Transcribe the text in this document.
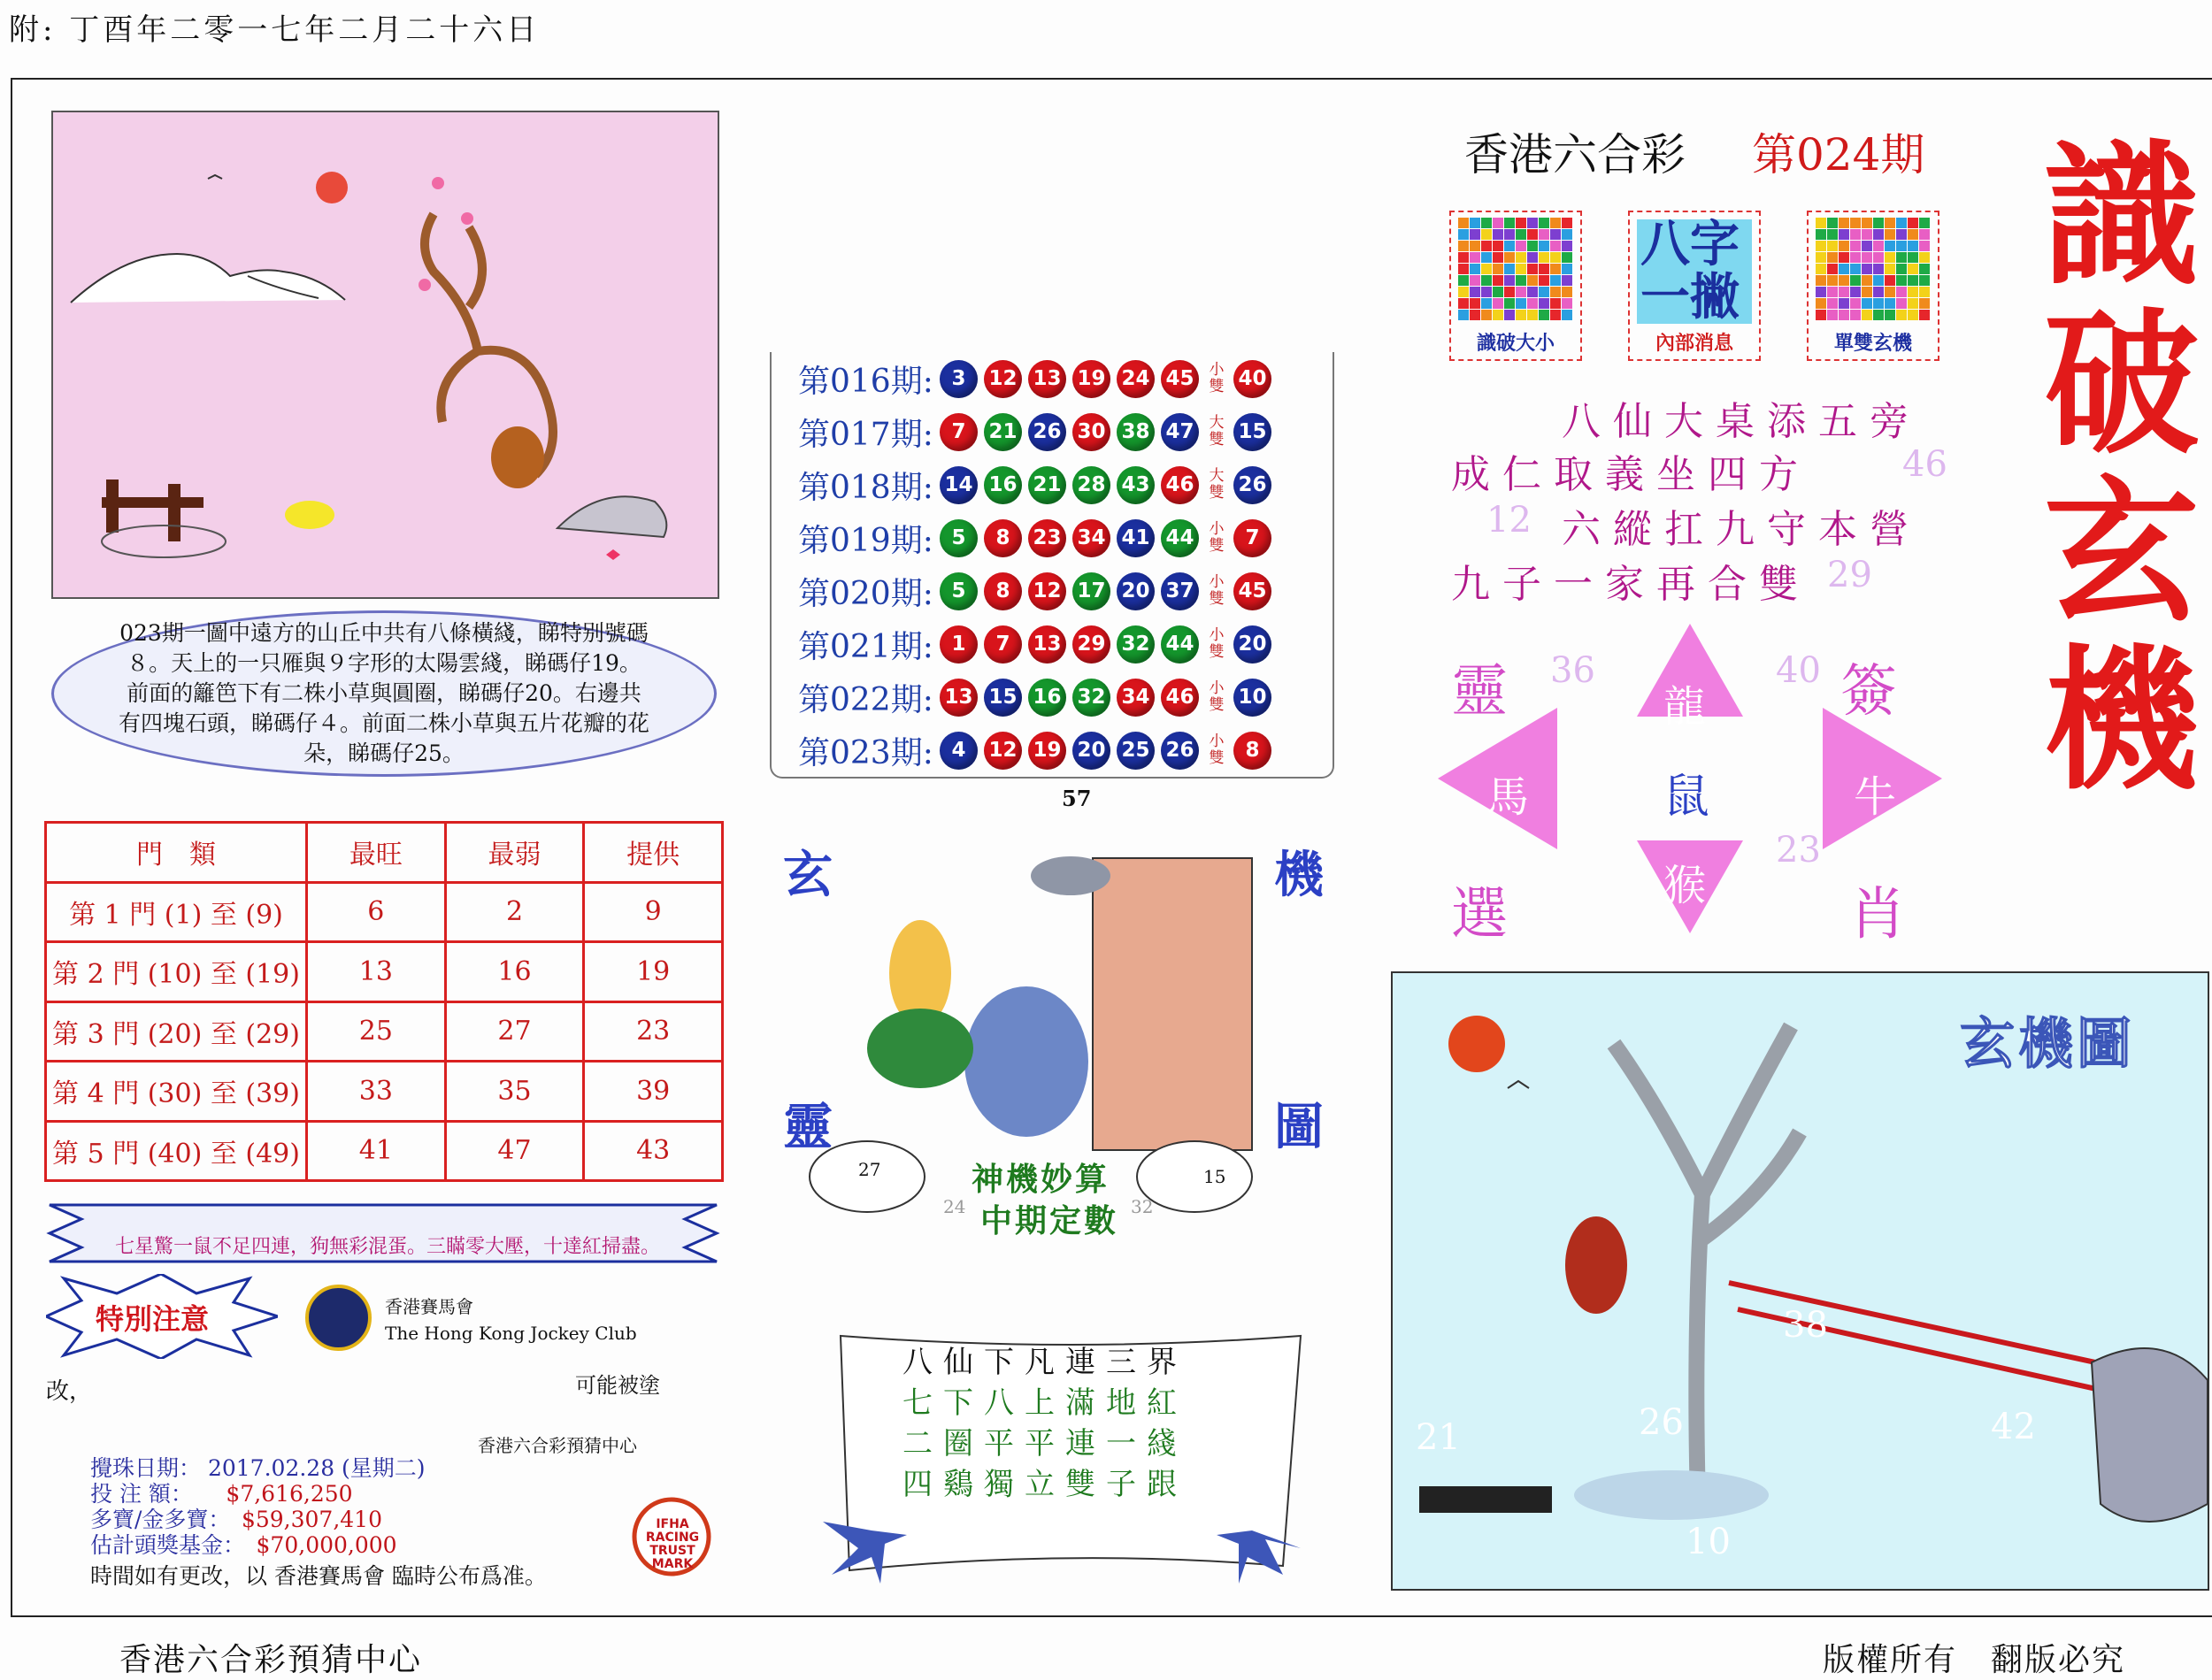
附: 丁酉年二零一七年二月二十六日
023期一圖中遠方的山丘中共有八條橫綫，睇特别號碼８。天上的一只雁與９字形的太陽雲綫，睇碼仔19。前面的籬笆下有二株小草與圓圈，睇碼仔20。右邊共有四塊石頭，睇碼仔４。前面二株小草與五片花瓣的花朵，睇碼仔25。
門　類	最旺	最弱	提供
第 1 門 (1) 至 (9)	6	2	9
第 2 門 (10) 至 (19)	13	16	19
第 3 門 (20) 至 (29)	25	27	23
第 4 門 (30) 至 (39)	33	35	39
第 5 門 (40) 至 (49)	41	47	43
七星驚一鼠不足四連，狗無彩混蛋。三瞞零大壓，十達紅掃盡。
特別注意	香港賽馬會
The Hong Kong Jockey Club
改，	可能被塗
香港六合彩預猜中心
攪珠日期： 2017.02.28 (星期二)
投 注 額：　　 $7,616,250
多寶/金多寶：　 $59,307,410
估計頭獎基金：　 $70,000,000
時間如有更改，以 香港賽馬會 臨時公布爲准。
IFHA RACING TRUST MARK
第016期: 3	12 13 19 24 45	小雙 40
第017期: 7	21 26 30 38 47	大雙 15
第018期: 14 16 21 28 43 46	大雙 26
第019期: 5	8	23 34 41 44	小雙	7
第020期: 5	8	12 17 20 37	小雙 45
第021期: 1	7	13 29 32 44	小雙 20
第022期: 13 15 16 32 34 46	小雙 10
第023期: 4	12 19 20 25 26	小雙	8
57
玄	機
靈	圖
神機妙算
中期定數
27	15
24	32
八仙下凡連三界
七下八上滿地紅
二圈平平連一綫
四鷄獨立雙子跟
香港六合彩 第024期
識破大小
八字
一撇
內部消息	單雙玄機
識
破
玄
機
八仙大桌添五旁
成仁取義坐四方	46
六縱扛九守本營
12
九子一家再合雙 29
靈	簽
選	肖
馬	牛
鼠
龍
猴
36	40
23
玄機圖
21	26	42
10
38
香港六合彩預猜中心	版權所有　翻版必究
